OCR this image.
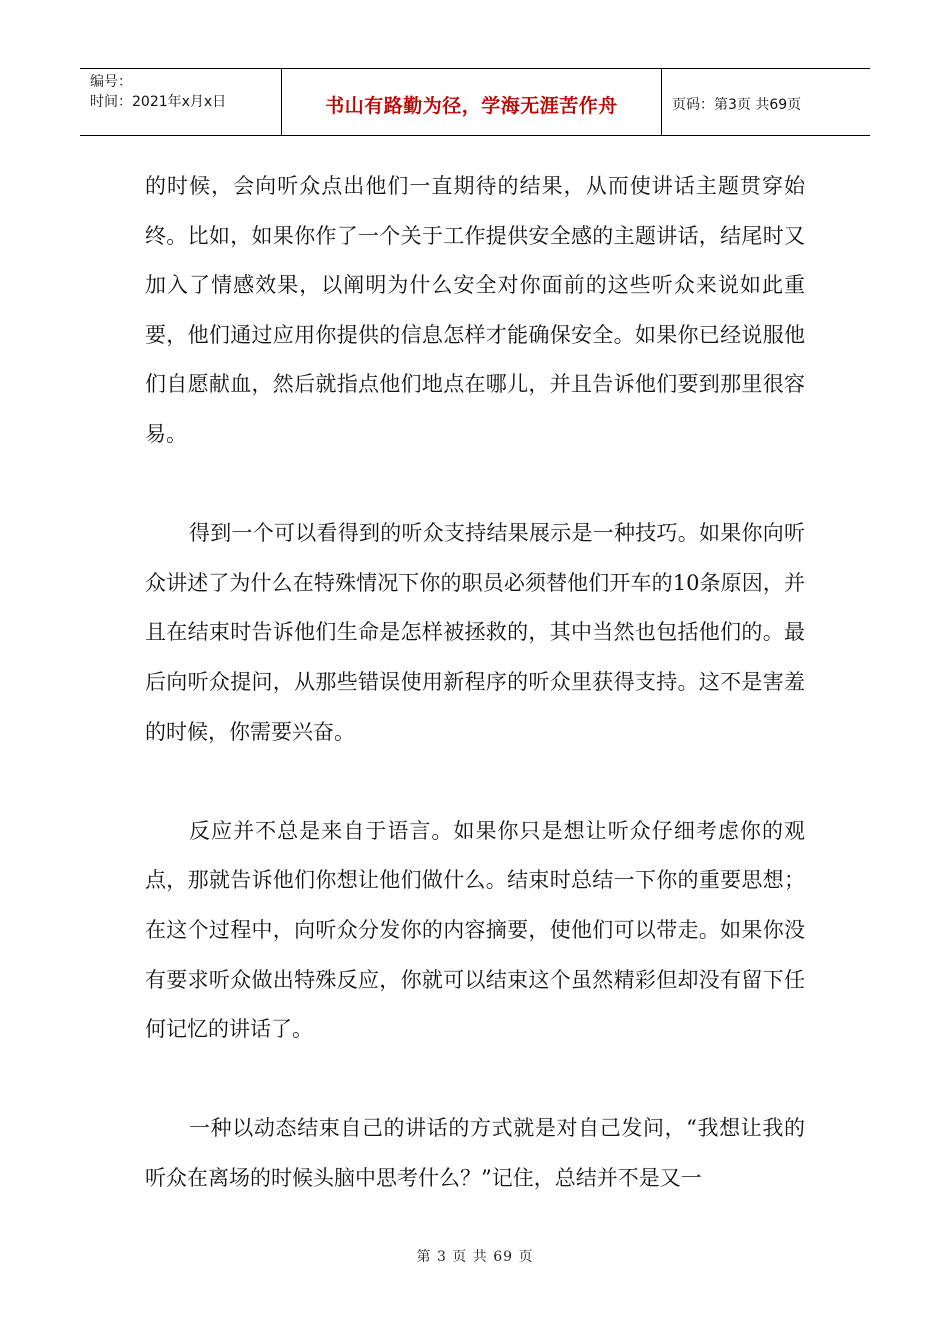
编号：
时间：2021年x月x日	书山有路勤为径，学海无涯苦作舟	页码：第3页 共69页

的时候，会向听众点出他们一直期待的结果，从而使讲话主题贯穿始终。比如，如果你作了一个关于工作提供安全感的主题讲话，结尾时又加入了情感效果，以阐明为什么安全对你面前的这些听众来说如此重要，他们通过应用你提供的信息怎样才能确保安全。如果你已经说服他们自愿献血，然后就指点他们地点在哪儿，并且告诉他们要到那里很容易。

得到一个可以看得到的听众支持结果展示是一种技巧。如果你向听众讲述了为什么在特殊情况下你的职员必须替他们开车的10条原因，并且在结束时告诉他们生命是怎样被拯救的，其中当然也包括他们的。最后向听众提问，从那些错误使用新程序的听众里获得支持。这不是害羞的时候，你需要兴奋。

反应并不总是来自于语言。如果你只是想让听众仔细考虑你的观点，那就告诉他们你想让他们做什么。结束时总结一下你的重要思想；在这个过程中，向听众分发你的内容摘要，使他们可以带走。如果你没有要求听众做出特殊反应，你就可以结束这个虽然精彩但却没有留下任何记忆的讲话了。

一种以动态结束自己的讲话的方式就是对自己发问，“我想让我的听众在离场的时候头脑中思考什么？”记住，总结并不是又一

第 3 页 共 69 页
